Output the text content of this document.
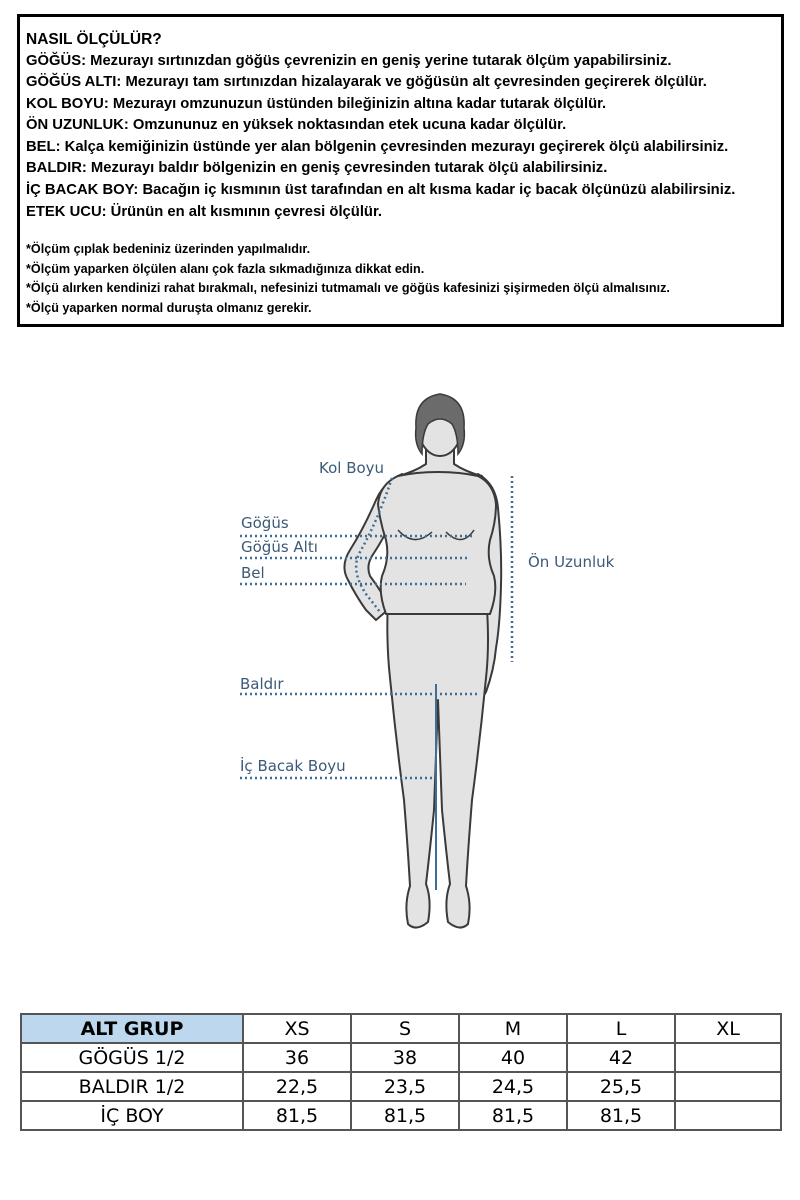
NASIL ÖLÇÜLÜR?
GÖĞÜS: Mezurayı sırtınızdan göğüs çevrenizin en geniş yerine tutarak ölçüm yapabilirsiniz.
GÖĞÜS ALTI: Mezurayı tam sırtınızdan hizalayarak ve göğüsün alt çevresinden geçirerek ölçülür.
KOL BOYU: Mezurayı omzunuzun üstünden bileğinizin altına kadar tutarak ölçülür.
ÖN UZUNLUK: Omzununuz en yüksek noktasından etek ucuna kadar ölçülür.
BEL: Kalça kemiğinizin üstünde yer alan bölgenin çevresinden mezurayı geçirerek ölçü alabilirsiniz.
BALDIR: Mezurayı baldır bölgenizin en geniş çevresinden tutarak ölçü alabilirsiniz.
İÇ BACAK BOY: Bacağın iç kısmının üst tarafından en alt kısma kadar iç bacak ölçünüzü alabilirsiniz.
ETEK UCU: Ürünün en alt kısmının çevresi ölçülür.
*Ölçüm çıplak bedeniniz üzerinden yapılmalıdır.
*Ölçüm yaparken ölçülen alanı çok fazla sıkmadığınıza dikkat edin.
*Ölçü alırken kendinizi rahat bırakmalı, nefesinizi tutmamalı ve göğüs kafesinizi şişirmeden ölçü almalısınız.
*Ölçü yaparken normal duruşta olmanız gerekir.
Kol Boyu
Göğüs
Göğüs Altı
Bel
Ön Uzunluk
Baldır
İç Bacak Boyu
ALT GRUP	XS	S	M	L	XL
GÖGÜS 1/2	36	38	40	42	
BALDIR 1/2	22,5	23,5	24,5	25,5	
İÇ BOY	81,5	81,5	81,5	81,5	
